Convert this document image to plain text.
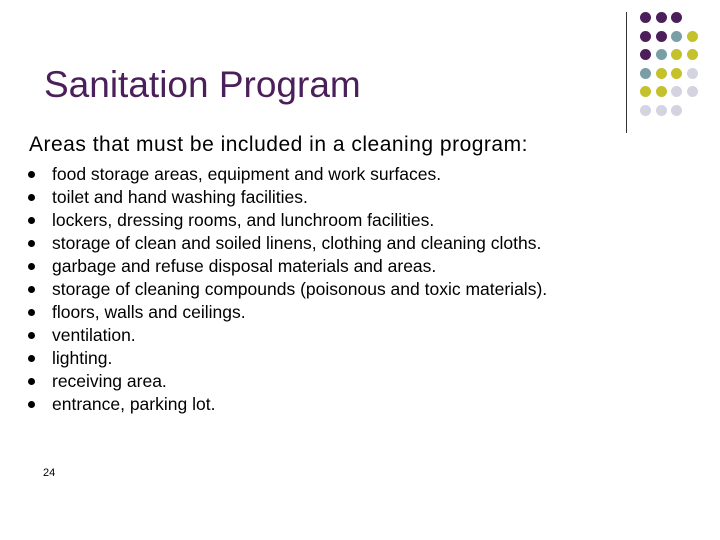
Sanitation Program
Areas that must be included in a cleaning program:
food storage areas, equipment and work surfaces.
toilet and hand washing facilities.
lockers, dressing rooms, and lunchroom facilities.
storage of clean and soiled linens, clothing and cleaning cloths.
garbage and refuse disposal materials and areas.
storage of cleaning compounds (poisonous and toxic materials).
floors, walls and ceilings.
ventilation.
lighting.
receiving area.
entrance, parking lot.
24
